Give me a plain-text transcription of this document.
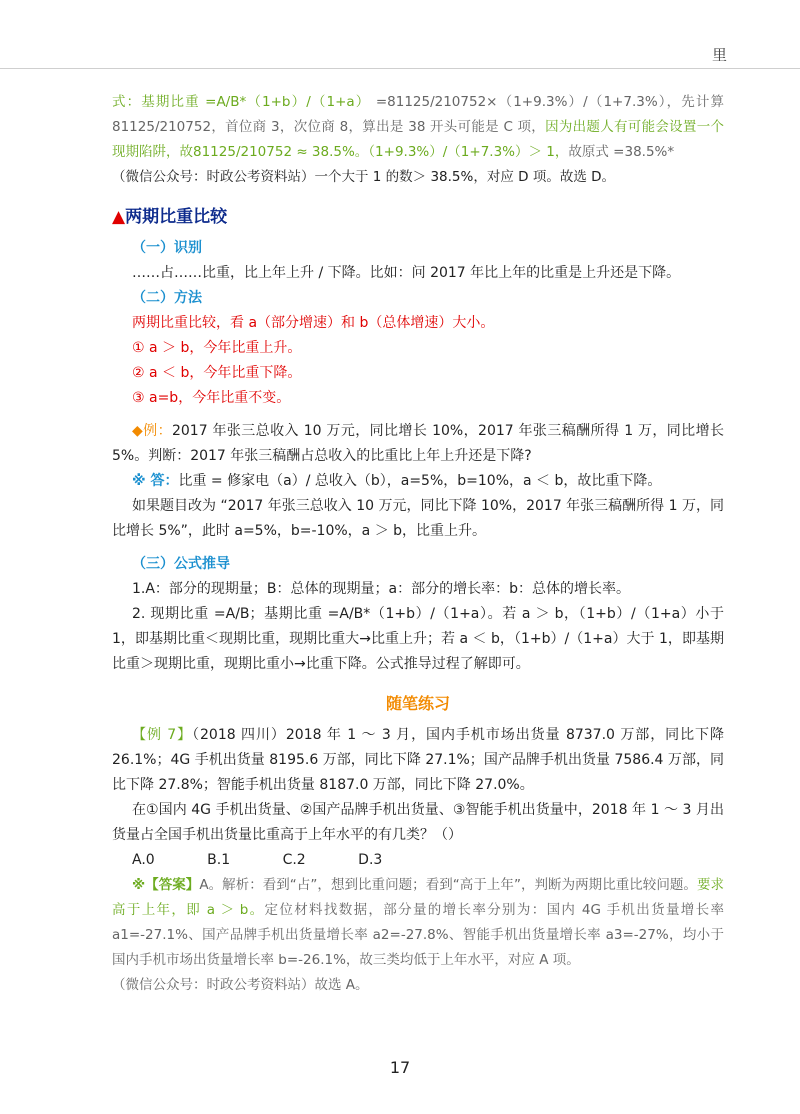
里

式：基期比重 =A/B*（1+b）/（1+a） =81125/210752×（1+9.3%）/（1+7.3%），先计算81125/210752，首位商 3，次位商 8，算出是 38 开头可能是 C 项，因为出题人有可能会设置一个现期陷阱，故81125/210752 ≈ 38.5%。（1+9.3%）/（1+7.3%）＞ 1，故原式 =38.5%*

（微信公众号：时政公考资料站）一个大于 1 的数＞ 38.5%，对应 D 项。故选 D。

▲两期比重比较
（一）识别

……占……比重，比上年上升 / 下降。比如：问 2017 年比上年的比重是上升还是下降。

（二）方法

两期比重比较，看 a（部分增速）和 b（总体增速）大小。

① a ＞ b，今年比重上升。

② a ＜ b，今年比重下降。

③ a=b，今年比重不变。

◆例：2017 年张三总收入 10 万元，同比增长 10%，2017 年张三稿酬所得 1 万，同比增长 5%。判断：2017 年张三稿酬占总收入的比重比上年上升还是下降?

※ 答：比重 = 修家电（a）/ 总收入（b），a=5%，b=10%，a ＜ b，故比重下降。

如果题目改为 “2017 年张三总收入 10 万元，同比下降 10%，2017 年张三稿酬所得 1 万，同比增长 5%”，此时 a=5%，b=-10%，a ＞ b，比重上升。

（三）公式推导

1.A：部分的现期量；B：总体的现期量；a：部分的增长率：b：总体的增长率。

2. 现期比重 =A/B；基期比重 =A/B*（1+b）/（1+a）。若 a ＞ b，（1+b）/（1+a）小于 1，即基期比重＜现期比重，现期比重大→比重上升；若 a ＜ b，（1+b）/（1+a）大于 1，即基期比重＞现期比重，现期比重小→比重下降。公式推导过程了解即可。

随笔练习

【例 7】（2018 四川）2018 年 1 ～ 3 月，国内手机市场出货量 8737.0 万部，同比下降 26.1%；4G 手机出货量 8195.6 万部，同比下降 27.1%；国产品牌手机出货量 7586.4 万部，同比下降 27.8%；智能手机出货量 8187.0 万部，同比下降 27.0%。

在①国内 4G 手机出货量、②国产品牌手机出货量、③智能手机出货量中，2018 年 1 ～ 3 月出货量占全国手机出货量比重高于上年水平的有几类？（）

A.0	B.1	C.2	D.3

※【答案】A。解析：看到“占”，想到比重问题；看到“高于上年”，判断为两期比重比较问题。要求高于上年，即 a ＞ b。定位材料找数据，部分量的增长率分别为：国内 4G 手机出货量增长率 a1=-27.1%、国产品牌手机出货量增长率 a2=-27.8%、智能手机出货量增长率 a3=-27%，均小于国内手机市场出货量增长率 b=-26.1%，故三类均低于上年水平，对应 A 项。

（微信公众号：时政公考资料站）故选 A。

17
